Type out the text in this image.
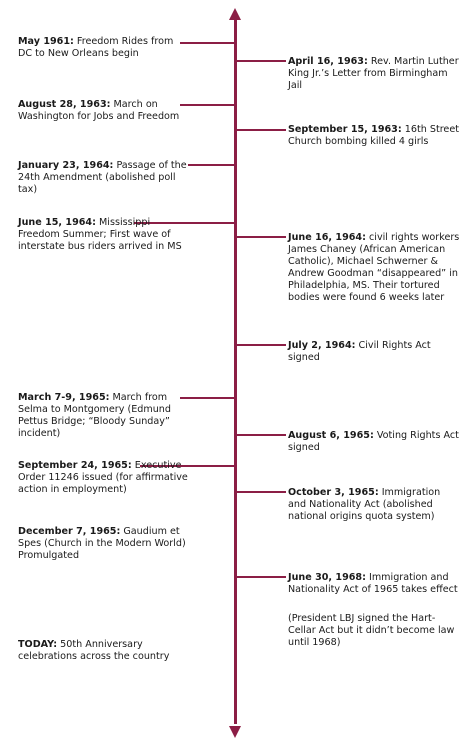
May 1961: Freedom Rides from DC to New Orleans begin

August 28, 1963: March on Washington for Jobs and Freedom

January 23, 1964: Passage of the 24th Amendment (abolished poll tax)

June 15, 1964: Mississippi Freedom Summer; First wave of interstate bus riders arrived in MS

March 7-9, 1965: March from Selma to Montgomery (Edmund Pettus Bridge; “Bloody Sunday” incident)

September 24, 1965: Executive Order 11246 issued (for affirmative action in employment)

December 7, 1965: Gaudium et Spes (Church in the Modern World) Promulgated

TODAY: 50th Anniversary celebrations across the country

April 16, 1963: Rev. Martin Luther King Jr.’s Letter from Birmingham Jail

September 15, 1963: 16th Street Church bombing killed 4 girls

June 16, 1964: civil rights workers James Chaney (African American Catholic), Michael Schwerner & Andrew Goodman “disappeared” in Philadelphia, MS. Their tortured bodies were found 6 weeks later

July 2, 1964: Civil Rights Act signed

August 6, 1965: Voting Rights Act signed

October 3, 1965: Immigration and Nationality Act (abolished national origins quota system)

June 30, 1968: Immigration and Nationality Act of 1965 takes effect

(President LBJ signed the Hart-Cellar Act but it didn’t become law until 1968)
